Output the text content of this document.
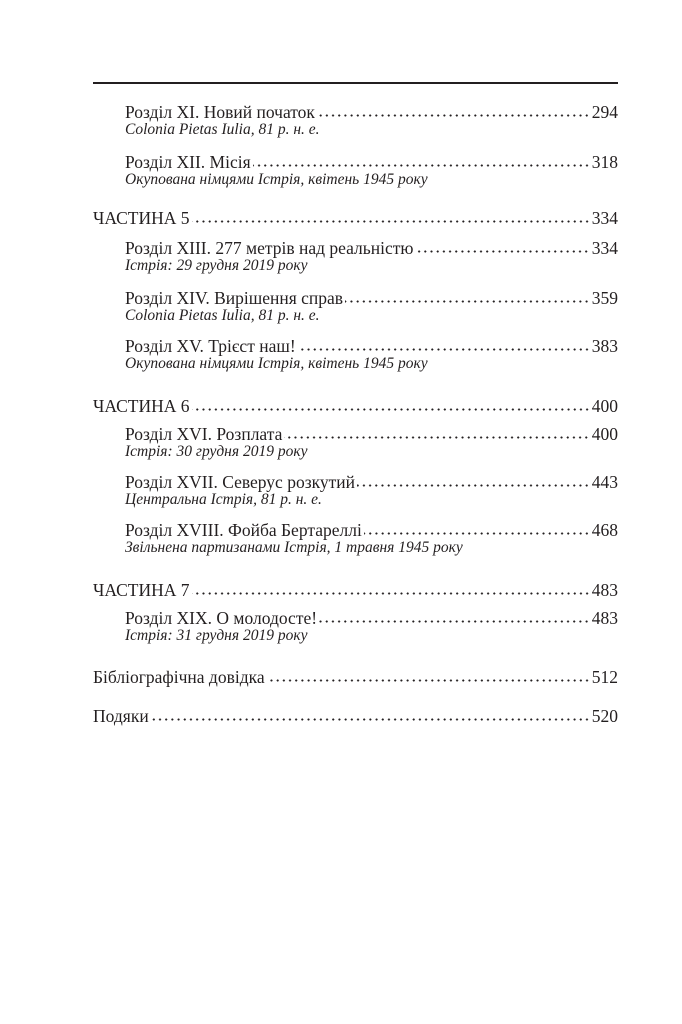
Розділ XI. Новий початок	294
Colonia Pietas Iulia, 81 р. н. е.
Розділ XII. Місія	318
Окупована німцями Істрія, квітень 1945 року
ЧАСТИНА 5	334
Розділ XIII. 277 метрів над реальністю	334
Істрія: 29 грудня 2019 року
Розділ XIV. Вирішення справ	359
Colonia Pietas Iulia, 81 р. н. е.
Розділ XV. Трієст наш!	383
Окупована німцями Істрія, квітень 1945 року
ЧАСТИНА 6	400
Розділ XVI. Розплата	400
Істрія: 30 грудня 2019 року
Розділ XVII. Северус розкутий	443
Центральна Істрія, 81 р. н. е.
Розділ XVIII. Фойба Бертареллі	468
Звільнена партизанами Істрія, 1 травня 1945 року
ЧАСТИНА 7	483
Розділ XIX. О молодосте!	483
Істрія: 31 грудня 2019 року
Бібліографічна довідка	512
Подяки	520
